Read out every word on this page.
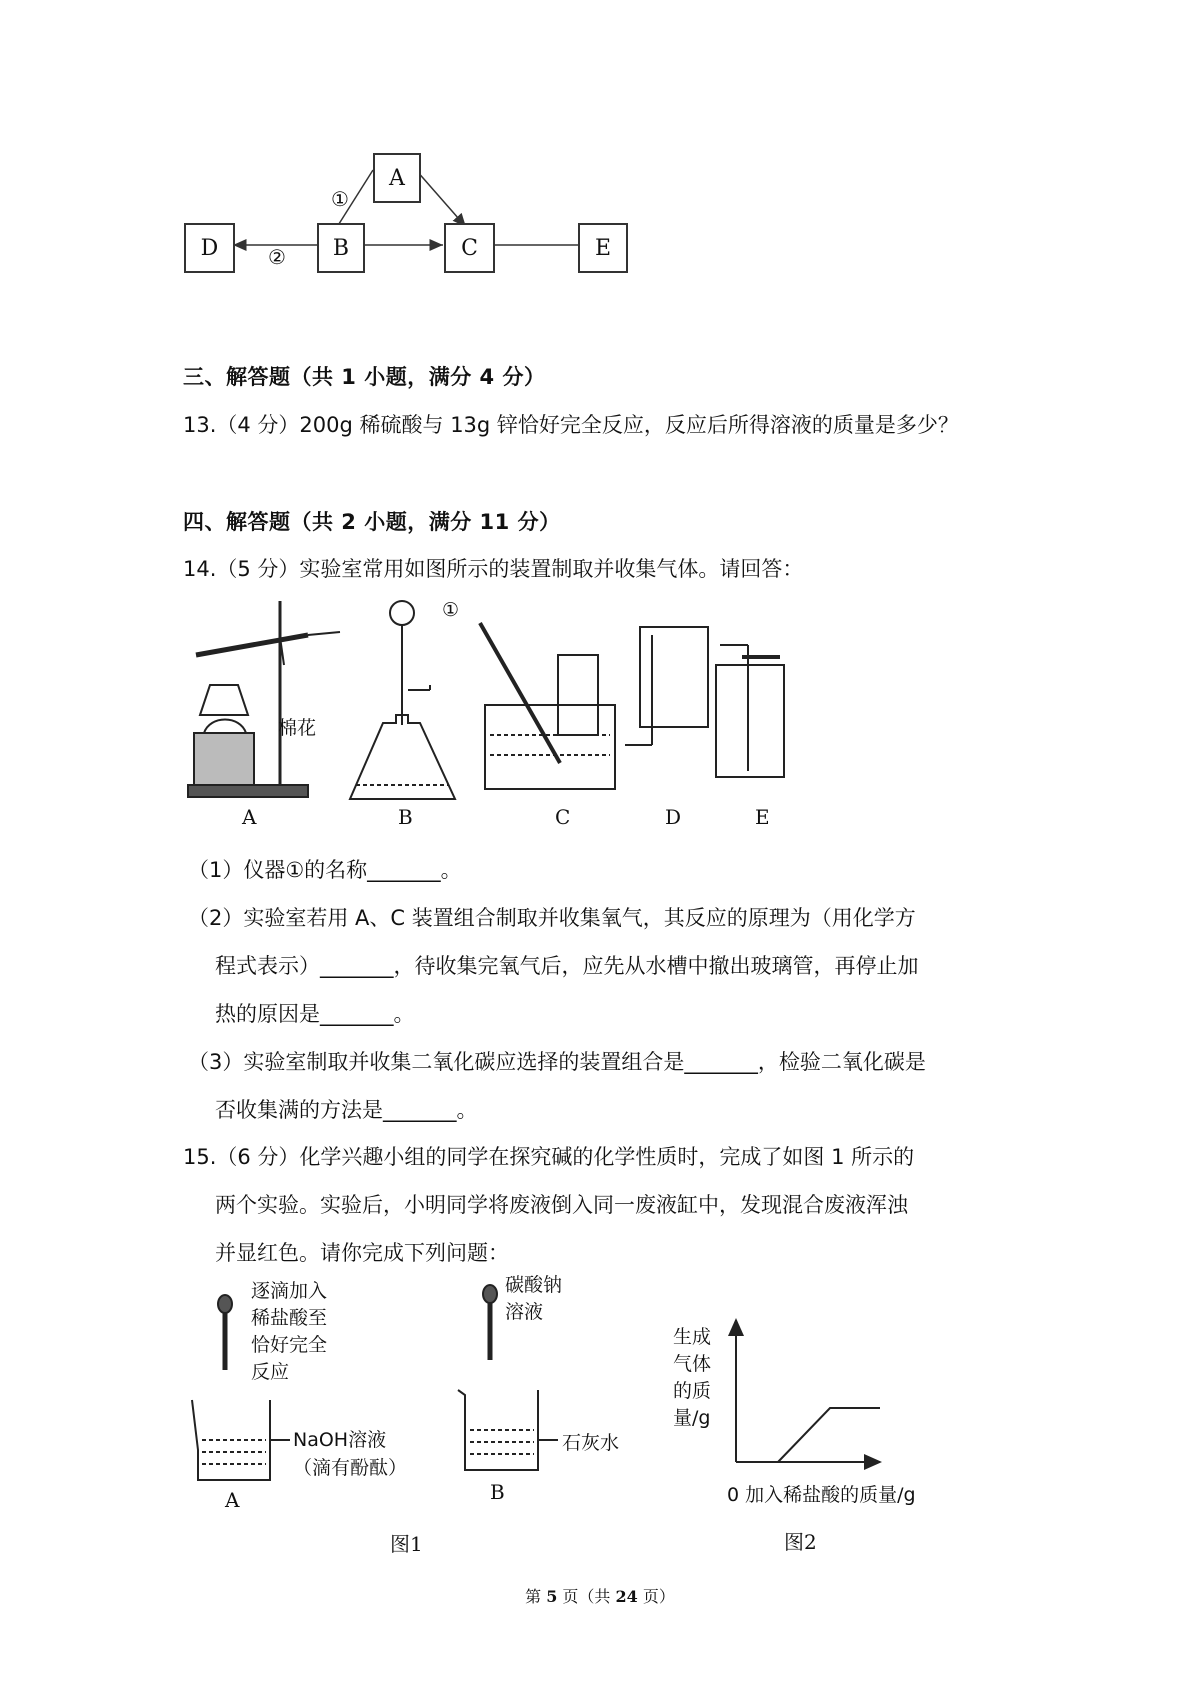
A
D	B	C	E
①
②
三、解答题（共 1 小题，满分 4 分）
13.（4 分）200g 稀硫酸与 13g 锌恰好完全反应，反应后所得溶液的质量是多少？
四、解答题（共 2 小题，满分 11 分）
14.（5 分）实验室常用如图所示的装置制取并收集气体。请回答：
A	B	C	D	E
棉花
①
（1）仪器①的名称_______。
（2）实验室若用 A、C 装置组合制取并收集氧气，其反应的原理为（用化学方
程式表示）_______，待收集完氧气后，应先从水槽中撤出玻璃管，再停止加
热的原因是_______。
（3）实验室制取并收集二氧化碳应选择的装置组合是_______，检验二氧化碳是
否收集满的方法是_______。
15.（6 分）化学兴趣小组的同学在探究碱的化学性质时，完成了如图 1 所示的
两个实验。实验后，小明同学将废液倒入同一废液缸中，发现混合废液浑浊
并显红色。请你完成下列问题：
逐滴加入
稀盐酸至
恰好完全
反应
NaOH溶液
（滴有酚酞）
A
碳酸钠
溶液
石灰水
B
图1
生成
气体
的质
量/g
0 加入稀盐酸的质量/g
图2
第 5 页（共 24 页）
